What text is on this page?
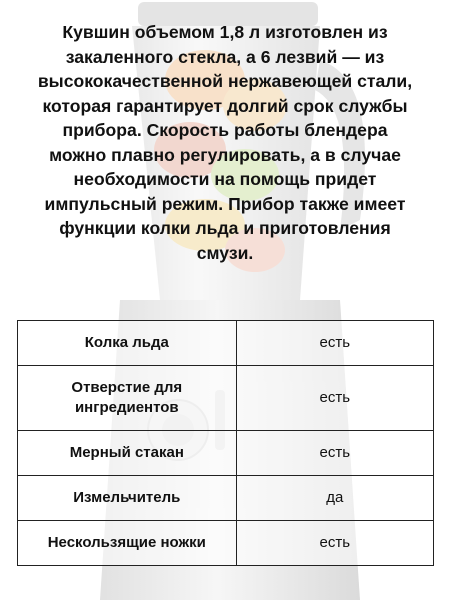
Кувшин объемом 1,8 л изготовлен из закаленного стекла, а 6 лезвий — из высококачественной нержавеющей стали, которая гарантирует долгий срок службы прибора. Скорость работы блендера можно плавно регулировать, а в случае необходимости на помощь придет импульсный режим. Прибор также имеет функции колки льда и приготовления смузи.

Колка льда	есть
Отверстие для ингредиентов	есть
Мерный стакан	есть
Измельчитель	да
Нескользящие ножки	есть
